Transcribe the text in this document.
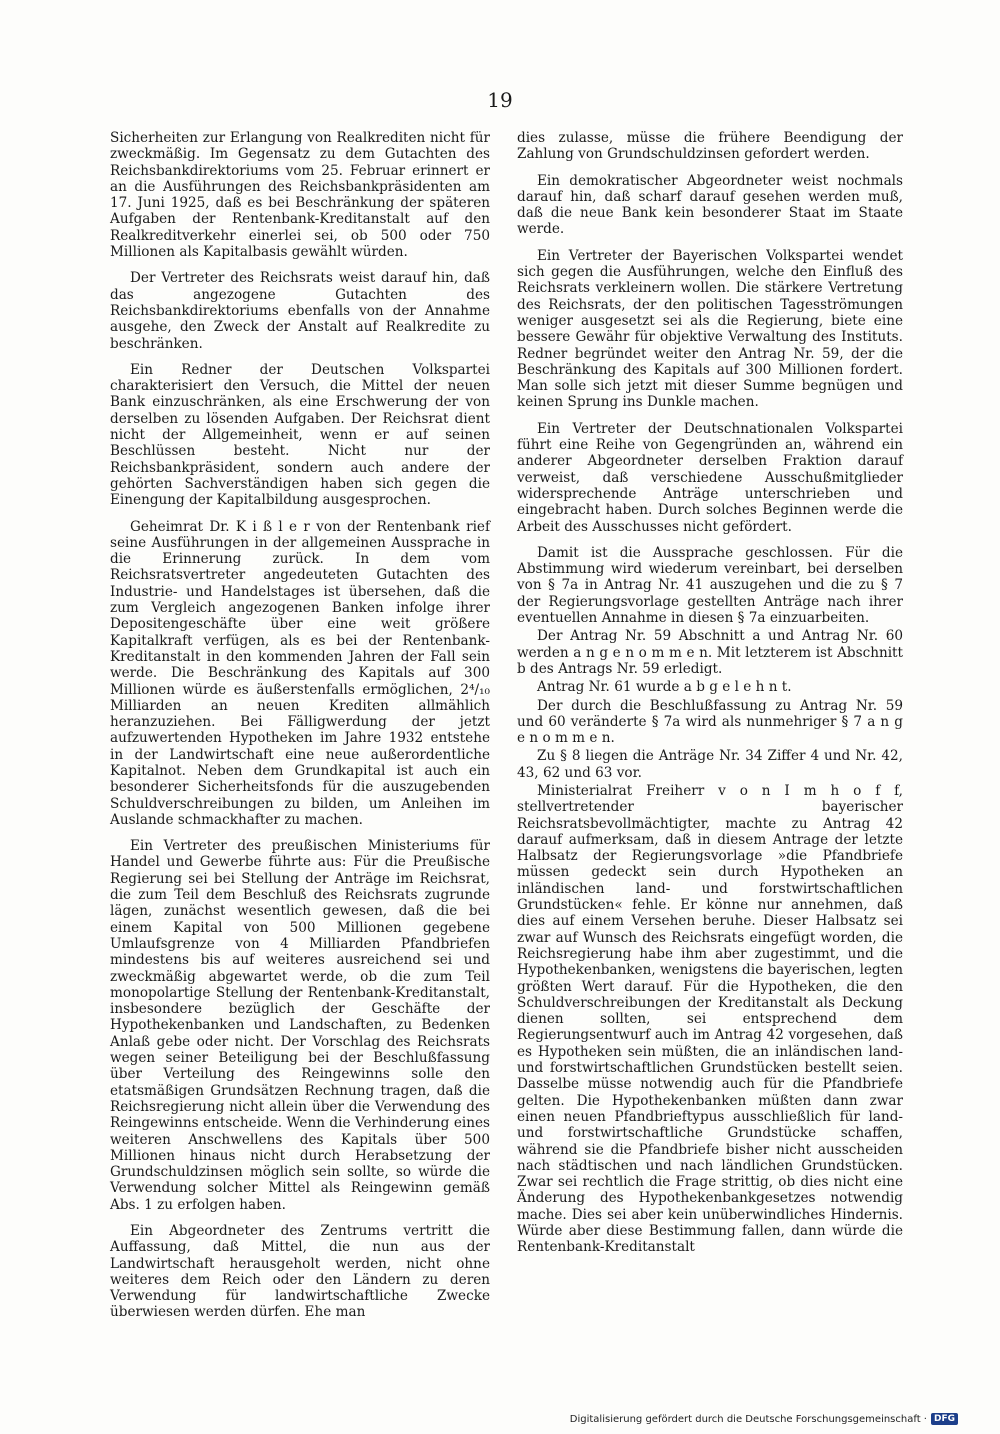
19

Sicherheiten zur Erlangung von Realkrediten nicht für zweckmäßig. Im Gegensatz zu dem Gutachten des Reichsbankdirektoriums vom 25. Februar erinnert er an die Ausführungen des Reichsbankpräsidenten am 17. Juni 1925, daß es bei Beschränkung der späteren Aufgaben der Rentenbank-Kreditanstalt auf den Realkreditverkehr einerlei sei, ob 500 oder 750 Millionen als Kapitalbasis gewählt würden.

Der Vertreter des Reichsrats weist darauf hin, daß das angezogene Gutachten des Reichsbankdirektoriums ebenfalls von der Annahme ausgehe, den Zweck der Anstalt auf Realkredite zu beschränken.

Ein Redner der Deutschen Volkspartei charakterisiert den Versuch, die Mittel der neuen Bank einzuschränken, als eine Erschwerung der von derselben zu lösenden Aufgaben. Der Reichsrat dient nicht der Allgemeinheit, wenn er auf seinen Beschlüssen besteht. Nicht nur der Reichsbankpräsident, sondern auch andere der gehörten Sachverständigen haben sich gegen die Einengung der Kapitalbildung ausgesprochen.

Geheimrat Dr. K i ß l e r von der Rentenbank rief seine Ausführungen in der allgemeinen Aussprache in die Erinnerung zurück. In dem vom Reichsratsvertreter angedeuteten Gutachten des Industrie- und Handelstages ist übersehen, daß die zum Vergleich angezogenen Banken infolge ihrer Depositengeschäfte über eine weit größere Kapitalkraft verfügen, als es bei der Rentenbank-Kreditanstalt in den kommenden Jahren der Fall sein werde. Die Beschränkung des Kapitals auf 300 Millionen würde es äußerstenfalls ermöglichen, 2⁴/₁₀ Milliarden an neuen Krediten allmählich heranzuziehen. Bei Fälligwerdung der jetzt aufzuwertenden Hypotheken im Jahre 1932 entstehe in der Landwirtschaft eine neue außerordentliche Kapitalnot. Neben dem Grundkapital ist auch ein besonderer Sicherheitsfonds für die auszugebenden Schuldverschreibungen zu bilden, um Anleihen im Auslande schmackhafter zu machen.

Ein Vertreter des preußischen Ministeriums für Handel und Gewerbe führte aus: Für die Preußische Regierung sei bei Stellung der Anträge im Reichsrat, die zum Teil dem Beschluß des Reichsrats zugrunde lägen, zunächst wesentlich gewesen, daß die bei einem Kapital von 500 Millionen gegebene Umlaufsgrenze von 4 Milliarden Pfandbriefen mindestens bis auf weiteres ausreichend sei und zweckmäßig abgewartet werde, ob die zum Teil monopolartige Stellung der Rentenbank-Kreditanstalt, insbesondere bezüglich der Geschäfte der Hypothekenbanken und Landschaften, zu Bedenken Anlaß gebe oder nicht. Der Vorschlag des Reichsrats wegen seiner Beteiligung bei der Beschlußfassung über Verteilung des Reingewinns solle den etatsmäßigen Grundsätzen Rechnung tragen, daß die Reichsregierung nicht allein über die Verwendung des Reingewinns entscheide. Wenn die Verhinderung eines weiteren Anschwellens des Kapitals über 500 Millionen hinaus nicht durch Herabsetzung der Grundschuldzinsen möglich sein sollte, so würde die Verwendung solcher Mittel als Reingewinn gemäß Abs. 1 zu erfolgen haben.

Ein Abgeordneter des Zentrums vertritt die Auffassung, daß Mittel, die nun aus der Landwirtschaft herausgeholt werden, nicht ohne weiteres dem Reich oder den Ländern zu deren Verwendung für landwirtschaftliche Zwecke überwiesen werden dürfen. Ehe man

dies zulasse, müsse die frühere Beendigung der Zahlung von Grundschuldzinsen gefordert werden.

Ein demokratischer Abgeordneter weist nochmals darauf hin, daß scharf darauf gesehen werden muß, daß die neue Bank kein besonderer Staat im Staate werde.

Ein Vertreter der Bayerischen Volkspartei wendet sich gegen die Ausführungen, welche den Einfluß des Reichsrats verkleinern wollen. Die stärkere Vertretung des Reichsrats, der den politischen Tagesströmungen weniger ausgesetzt sei als die Regierung, biete eine bessere Gewähr für objektive Verwaltung des Instituts. Redner begründet weiter den Antrag Nr. 59, der die Beschränkung des Kapitals auf 300 Millionen fordert. Man solle sich jetzt mit dieser Summe begnügen und keinen Sprung ins Dunkle machen.

Ein Vertreter der Deutschnationalen Volkspartei führt eine Reihe von Gegengründen an, während ein anderer Abgeordneter derselben Fraktion darauf verweist, daß verschiedene Ausschußmitglieder widersprechende Anträge unterschrieben und eingebracht haben. Durch solches Beginnen werde die Arbeit des Ausschusses nicht gefördert.

Damit ist die Aussprache geschlossen. Für die Abstimmung wird wiederum vereinbart, bei derselben von § 7a in Antrag Nr. 41 auszugehen und die zu § 7 der Regierungsvorlage gestellten Anträge nach ihrer eventuellen Annahme in diesen § 7a einzuarbeiten.

Der Antrag Nr. 59 Abschnitt a und Antrag Nr. 60 werden a n g e n o m m e n. Mit letzterem ist Abschnitt b des Antrags Nr. 59 erledigt.

Antrag Nr. 61 wurde a b g e l e h n t.

Der durch die Beschlußfassung zu Antrag Nr. 59 und 60 veränderte § 7a wird als nunmehriger § 7 a n g e n o m m e n.

Zu § 8 liegen die Anträge Nr. 34 Ziffer 4 und Nr. 42, 43, 62 und 63 vor.

Ministerialrat Freiherr v o n I m h o f f, stellvertretender bayerischer Reichsratsbevollmächtigter, machte zu Antrag 42 darauf aufmerksam, daß in diesem Antrage der letzte Halbsatz der Regierungsvorlage »die Pfandbriefe müssen gedeckt sein durch Hypotheken an inländischen land- und forstwirtschaftlichen Grundstücken« fehle. Er könne nur annehmen, daß dies auf einem Versehen beruhe. Dieser Halbsatz sei zwar auf Wunsch des Reichsrats eingefügt worden, die Reichsregierung habe ihm aber zugestimmt, und die Hypothekenbanken, wenigstens die bayerischen, legten größten Wert darauf. Für die Hypotheken, die den Schuldverschreibungen der Kreditanstalt als Deckung dienen sollten, sei entsprechend dem Regierungsentwurf auch im Antrag 42 vorgesehen, daß es Hypotheken sein müßten, die an inländischen land- und forstwirtschaftlichen Grundstücken bestellt seien. Dasselbe müsse notwendig auch für die Pfandbriefe gelten. Die Hypothekenbanken müßten dann zwar einen neuen Pfandbrieftypus ausschließlich für land- und forstwirtschaftliche Grundstücke schaffen, während sie die Pfandbriefe bisher nicht ausscheiden nach städtischen und nach ländlichen Grundstücken. Zwar sei rechtlich die Frage strittig, ob dies nicht eine Änderung des Hypothekenbankgesetzes notwendig mache. Dies sei aber kein unüberwindliches Hindernis. Würde aber diese Bestimmung fallen, dann würde die Rentenbank-Kreditanstalt

Digitalisierung gefördert durch die Deutsche Forschungsgemeinschaft · DFG
